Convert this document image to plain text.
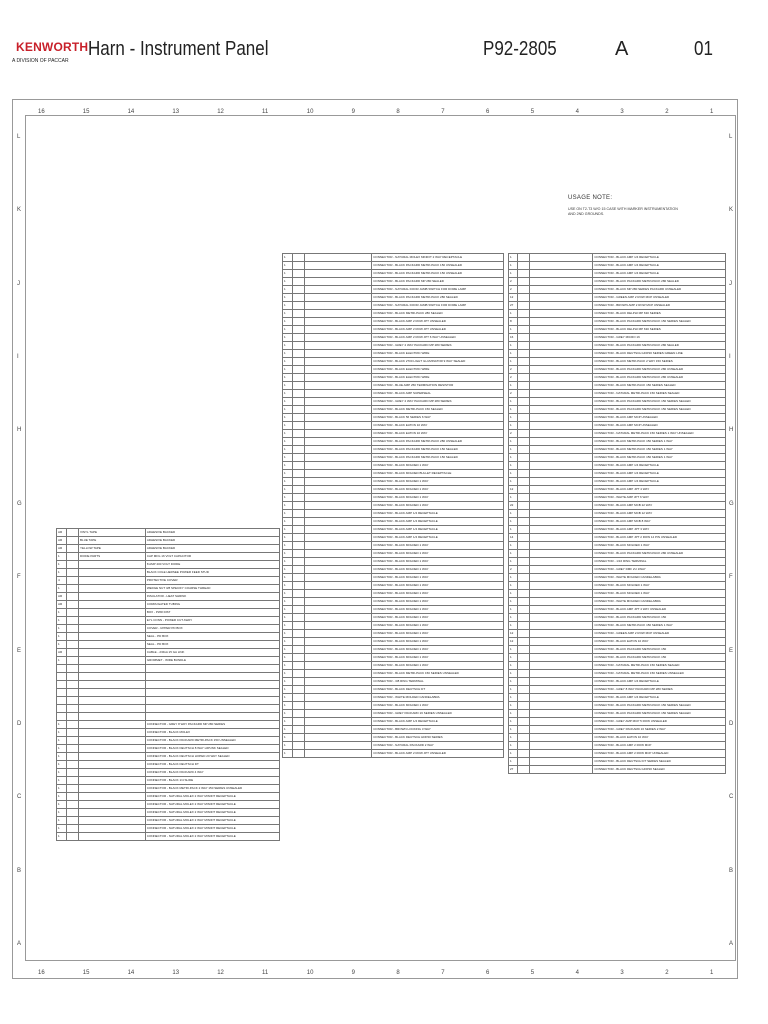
KENWORTH
A DIVISION OF PACCAR
Harn - Instrument Panel	P92-2805	A	01
16
16
15
15
14
14
13
13
12
12
11
11
10
10
9
9
8
8
7
7
6
6
5
5
4
4
3
3
2
2
1
1
L	L
K	K
J	J
I	I
H	H
G	G
F	F
E	E
D	D
C	C
B	B
A	A
USAGE NOTE:
USE ON T2-T3 W/O 15 CASE WITH MARKER INSTRUMENTATION AND 2ND GROUNDS.
AR		VINYL TAPE	ADHESIVE BACKED
AR		BLUE TAPE	ADHESIVE BACKED
AR		YELLOW TAPE	ADHESIVE BACKED
1		DIODE PARTS	CAP MFG 16 VOLT CAPACITOR
1			8 AMP 200 VOLT DIODE
1			BLACK COLE HERSEE POWER FEED STUD
4			PROTECTIVE COVER
1			WEDGE NUT 3/8 SPECIFY COARSE THREAD
AR			INSULATOR - HEAT SHRINK
AR			CORRUGATED TUBING
1			BOX - PWR DIST
1			EYL CONN - POWER CUT AWAY
1			COVER - UPPER PD BOX
1			SEAL - PD BOX
1			SEAL - PD BOX
AR			CABLE - 2/0GA 15 GA LINK
1			GROMMET - WIRE BUNDLE

1			CONNECTOR - GREY 8 WAY PACKARD MP 280 SERIES
1			CONNECTOR - BLACK MOLEX
1			CONNECTOR - BLACK PACKARD METRI-PACK 150 UNSEALED
1			CONNECTOR - BLACK DEUTSCH 8 WAY HIPUNK SEALED
1			CONNECTOR - BLACK DEUTSCH HOPED 20 WAY SEALED
1			CONNECTOR - BLACK DEUTSCH DT
1			CONNECTOR - BLACK PACKARD 4 WAY
1			CONNECTOR - BLACK 1/4 SLIDE
1			CONNECTOR - BLACK METRI-PACK 2 WAY 150 SERIES UNSEALED
1			CONNECTOR - NATURAL MOLEX 2 WAY MINIFIT RECEPTACLE
1			CONNECTOR - NATURAL MOLEX 2 WAY MINIFIT RECEPTACLE
1			CONNECTOR - NATURAL MOLEX 2 WAY MINIFIT RECEPTACLE
1			CONNECTOR - NATURAL MOLEX 2 WAY MINIFIT RECEPTACLE
1			CONNECTOR - NATURAL MOLEX 2 WAY MINIFIT RECEPTACLE
1			CONNECTOR - NATURAL MOLEX 2 WAY MINIFIT RECEPTACLE
1			CONNECTOR - NATURAL MOLEX MINIFIT 2 WAY RECEPTACLE
1			CONNECTOR - BLACK PACKARD METRI-PACK 150 UNSEALED
1			CONNECTOR - BLACK PACKARD METRI-PACK 150 UNSEALED
1			CONNECTOR - BLACK PACKARD MP 280 SEALED
1			CONNECTOR - NATURAL DOOR JAMB SWITCH FOR DOME LAMP
1			CONNECTOR - BLACK PACKARD METRI-PACK 280 SEALED
1			CONNECTOR - NATURAL DOOR JAMB SWITCH FOR DOME LAMP
1			CONNECTOR - BLACK METRI-PACK 280 SEALED
1			CONNECTOR - BLACK AMP 2 ROW JPT UNSEALED
1			CONNECTOR - BLACK AMP 2 ROW JPT UNSEALED
1			CONNECTOR - BLACK AMP 2 ROW JPT 6 WAY UNSEALED
1			CONNECTOR - GREY 2 WAY PACKARD MP 280 SERIES
1			CONNECTOR - BLACK ELECTRIC WIRE
1			CONNECTOR - BLACK 2700 LIGHT ILLUMINATOR 9 WAY SEALED
1			CONNECTOR - BLACK ELECTRIC WIRE
1			CONNECTOR - BLACK ELECTRIC WIRE
1			CONNECTOR - BLUE AMP 250 TERMINATION RESISTOR
1			CONNECTOR - BLACK AMP SUPERSEAL
1			CONNECTOR - GREY 2 WAY PACKARD MP 280 SERIES
1			CONNECTOR - BLACK METRI-PACK 150 SEALED
1			CONNECTOR - BLACK 56 SERIES 6 WAY
1			CONNECTOR - BLACK EATON 10 WAY
1			CONNECTOR - BLACK EATON 10 WAY
1			CONNECTOR - BLACK PACKARD METRI-PACK 280 UNSEALED
1			CONNECTOR - BLACK PACKARD METRI-PACK 150 SEALED
1			CONNECTOR - BLACK PACKARD METRI-PACK 150 SEALED
1			CONNECTOR - BLACK MOLDED 1 WAY
1			CONNECTOR - BLACK MOLDED BULLET RECEPTACLE
1			CONNECTOR - BLACK MOLDED 1 WAY
1			CONNECTOR - BLACK MOLDED 1 WAY
1			CONNECTOR - BLACK MOLDED 1 WAY
1			CONNECTOR - BLACK MOLDED 1 WAY
1			CONNECTOR - BLACK AMP 1/4 RECEPTACLE
1			CONNECTOR - BLACK AMP 1/4 RECEPTACLE
1			CONNECTOR - BLACK AMP 1/4 RECEPTACLE
1			CONNECTOR - BLACK AMP 1/4 RECEPTACLE
1			CONNECTOR - BLACK MOLDED 1 WAY
1			CONNECTOR - BLACK MOLDED 1 WAY
1			CONNECTOR - BLACK MOLDED 1 WAY
1			CONNECTOR - BLACK MOLDED 1 WAY
1			CONNECTOR - BLACK MOLDED 1 WAY
1			CONNECTOR - BLACK MOLDED 1 WAY
1			CONNECTOR - BLACK MOLDED 1 WAY
1			CONNECTOR - BLACK MOLDED 1 WAY
1			CONNECTOR - BLACK MOLDED 1 WAY
1			CONNECTOR - BLACK MOLDED 1 WAY
1			CONNECTOR - BLACK MOLDED 1 WAY
1			CONNECTOR - BLACK MOLDED 1 WAY
1			CONNECTOR - BLACK MOLDED 1 WAY
1			CONNECTOR - BLACK MOLDED 1 WAY
1			CONNECTOR - BLACK MOLDED 1 WAY
1			CONNECTOR - BLACK MOLDED 1 WAY
1			CONNECTOR - BLACK METRI-PACK 150 SERIES UNSEALED
1			CONNECTOR - 3/8 RING TERMINAL
1			CONNECTOR - BLACK DEUTSCH DT
1			CONNECTOR - WHITE MOLDED CANDELABRA
1			CONNECTOR - BLACK MOLDED 1 WAY
1			CONNECTOR - GREY PACKARD 16 SERIES UNSEALED
1			CONNECTOR - BLACK AMP 1/4 RECEPTACLE
1			CONNECTOR - BROWN LOCKING 3 WAY
1			CONNECTOR - BLACK DEUTSCH HDP20 SERIES
1			CONNECTOR - NATURAL PACKARD 2 WAY
1			CONNECTOR - BLACK AMP 2 ROW JPT UNSEALED
1			CONNECTOR - BLACK AMP 1/4 RECEPTACLE
1			CONNECTOR - BLACK AMP 1/4 RECEPTACLE
1			CONNECTOR - BLACK AMP 1/4 RECEPTACLE
2			CONNECTOR - BLACK PACKARD METRI-PACK 280 SEALED
2			CONNECTOR - BLACK MP 280 SERIES PACKARD UNSEALED
12			CONNECTOR - GREEN AMP 2 ROW MCP UNSEALED
27			CONNECTOR - BROWN AMP 2 ROW MCP UNSEALED
1			CONNECTOR - BLACK DELPHI MP 630 SERIES
8			CONNECTOR - BLACK PACKARD METRI-PACK 150 SERIES SEALED
1			CONNECTOR - BLACK DELPHI MP 630 SERIES
16			CONNECTOR - GREY MICRO 16
1			CONNECTOR - BLACK PACKARD METRI-PACK 280 SEALED
1			CONNECTOR - BLACK DEUTSCH HDP20 SERIES GREEN LINE
1			CONNECTOR - BLACK METRI-PACK 2 WAY 150 SERIES
2			CONNECTOR - BLACK PACKARD METRI-PACK 280 UNSEALED
2			CONNECTOR - BLACK PACKARD METRI-PACK 280 UNSEALED
1			CONNECTOR - BLACK METRI-PACK 150 SERIES SEALED
2			CONNECTOR - NATURAL METRI-PACK 150 SERIES SEALED
1			CONNECTOR - BLACK PACKARD METRI-PACK 150 SERIES SEALED
1			CONNECTOR - BLACK PACKARD METRI-PACK 150 SERIES SEALED
1			CONNECTOR - BLACK AMP MCP UNSEALED
1			CONNECTOR - BLACK AMP MCP UNSEALED
2			CONNECTOR - NATURAL METRI-PACK 150 SERIES 1 WAY UNSEALED
1			CONNECTOR - BLACK METRI-PACK 150 SERIES 1 WAY
1			CONNECTOR - BLACK METRI-PACK 150 SERIES 1 WAY
1			CONNECTOR - BLACK METRI-PACK 150 SERIES 1 WAY
1			CONNECTOR - BLACK AMP 1/4 RECEPTACLE
1			CONNECTOR - BLACK AMP 1/4 RECEPTACLE
1			CONNECTOR - BLACK AMP 1/4 RECEPTACLE
12			CONNECTOR - BLACK AMP JPT 4 WAY
1			CONNECTOR - WHITE AMP JPT 6 WAY
22			CONNECTOR - BLACK AMP MCB 22 WAY
1			CONNECTOR - BLACK AMP MCB 12 WAY
1			CONNECTOR - BLACK AMP MCB 8 WAY
1			CONNECTOR - BLACK AMP JPT 3 WAY
14			CONNECTOR - BLACK AMP JPT 2 ROW 14 PIN UNSEALED
1			CONNECTOR - BLACK MOLDED 1 WAY
1			CONNECTOR - BLACK PACKARD METRI-PACK 280 UNSEALED
1			CONNECTOR - 1/16 RING TERMINAL
2			CONNECTOR - GREY DMF 2U 1WAY
1			CONNECTOR - WHITE MOLDED CANDELABRA
1			CONNECTOR - BLACK MOLDED 1 WAY
1			CONNECTOR - BLACK MOLDED 1 WAY
1			CONNECTOR - WHITE MOLDED CANDELABRA
1			CONNECTOR - BLACK AMP JPT 4 WAY UNSEALED
1			CONNECTOR - BLACK PACKARD METRI-PACK 150
1			CONNECTOR - BLACK METRI-PACK 150 SERIES 1 WAY
12			CONNECTOR - GREEN AMP 2 ROW MCP UNSEALED
12			CONNECTOR - BLACK EATON 10 WAY
1			CONNECTOR - BLACK PACKARD METRI-PACK 150
1			CONNECTOR - BLACK PACKARD METRI-PACK 150
1			CONNECTOR - NATURAL METRI-PACK 150 SERIES SEALED
1			CONNECTOR - NATURAL METRI-PACK 150 SERIES UNSEALED
1			CONNECTOR - BLACK AMP 1/4 RECEPTACLE
1			CONNECTOR - GREY 8 WAY PACKARD MP 280 SERIES
1			CONNECTOR - BLACK AMP 1/4 RECEPTACLE
1			CONNECTOR - BLACK PACKARD METRI-PACK 150 SERIES SEALED
1			CONNECTOR - BLACK PACKARD METRI-PACK 150 SERIES SEALED
1			CONNECTOR - GREY AMP MCP 5 ROW UNSEALED
1			CONNECTOR - GREY PACKARD 16 SERIES 2 WAY
1			CONNECTOR - BLACK EATON 10 WAY
1			CONNECTOR - BLACK AMP 2 ROW MCP
1			CONNECTOR - BLACK AMP 2 ROW MCP UNSEALED
1			CONNECTOR - BLACK DEUTSCH DT SERIES SEALED
27			CONNECTOR - BLACK DEUTSCH HDP20 SEALED
